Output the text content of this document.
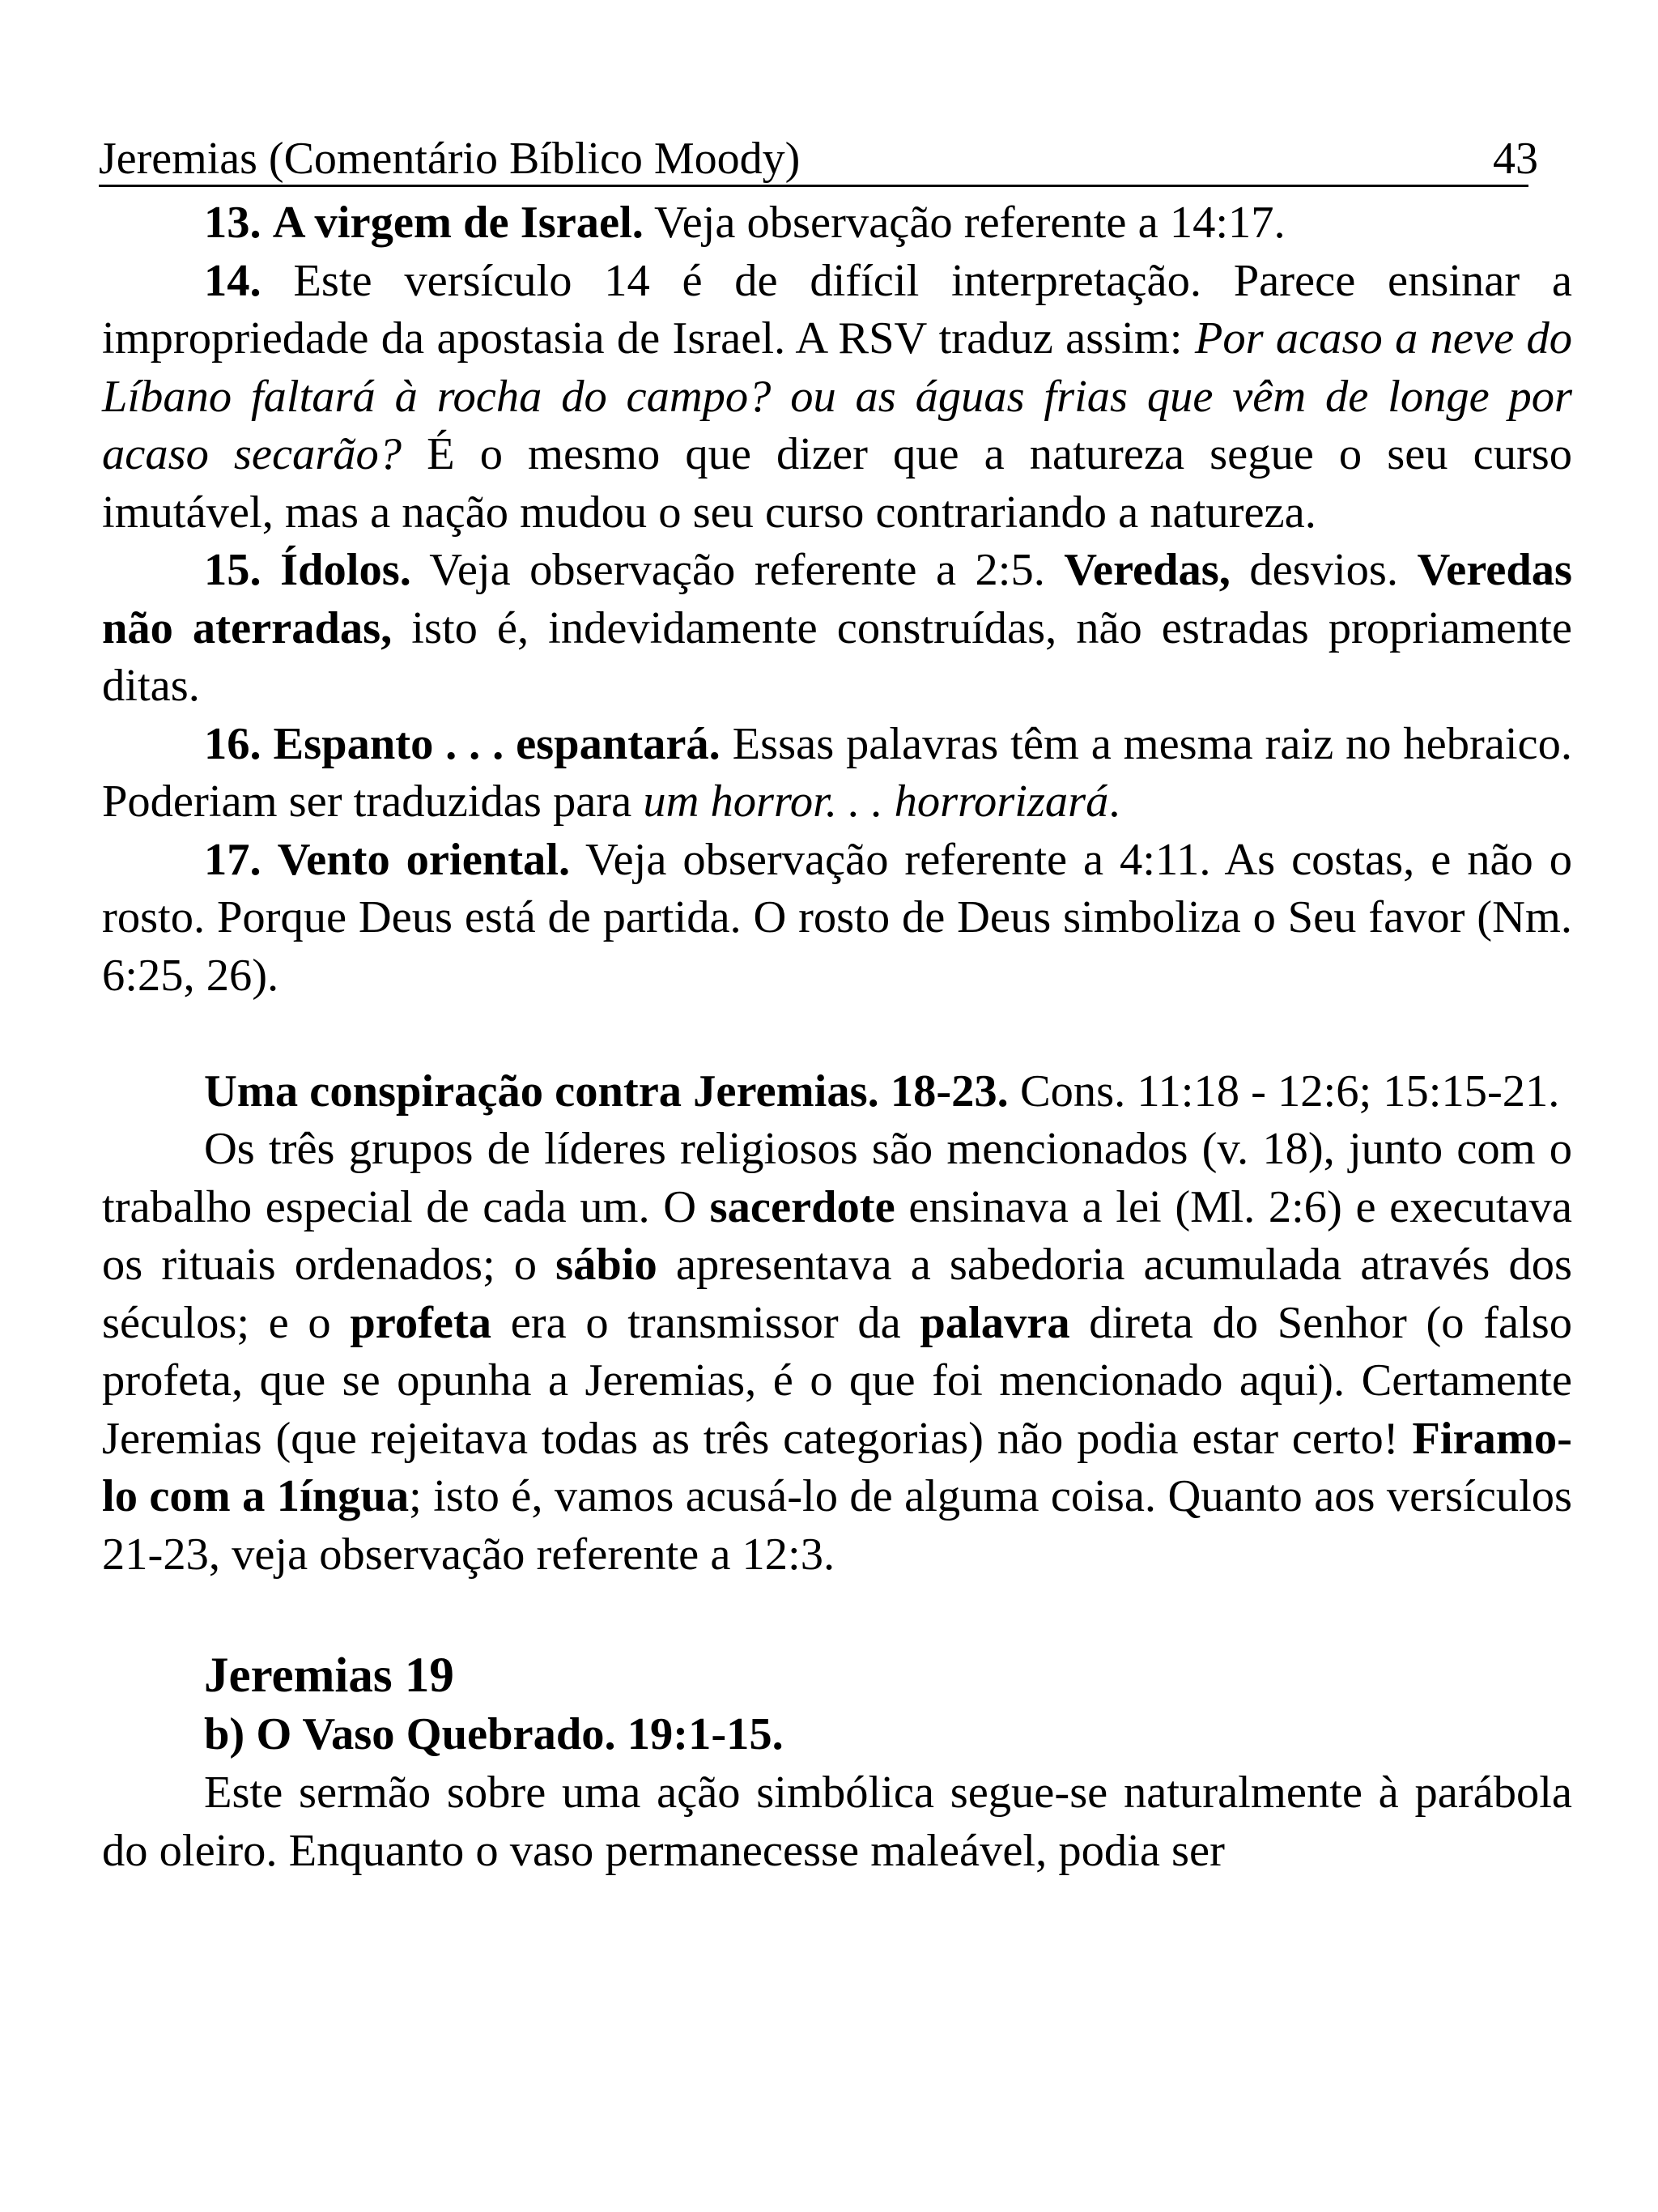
Jeremias (Comentário Bíblico Moody)	43

13. A virgem de Israel. Veja observação referente a 14:17.

14. Este versículo 14 é de difícil interpretação. Parece ensinar a impropriedade da apostasia de Israel. A RSV traduz assim: Por acaso a neve do Líbano faltará à rocha do campo? ou as águas frias que vêm de longe por acaso secarão? É o mesmo que dizer que a natureza segue o seu curso imutável, mas a nação mudou o seu curso contrariando a natureza.

15. Ídolos. Veja observação referente a 2:5. Veredas, desvios. Veredas não aterradas, isto é, indevidamente construídas, não estradas propriamente ditas.

16. Espanto . . . espantará. Essas palavras têm a mesma raiz no hebraico. Poderiam ser traduzidas para um horror. . . horrorizará.

17. Vento oriental. Veja observação referente a 4:11. As costas, e não o rosto. Porque Deus está de partida. O rosto de Deus simboliza o Seu favor (Nm. 6:25, 26).

Uma conspiração contra Jeremias. 18-23. Cons. 11:18 - 12:6; 15:15-21.

Os três grupos de líderes religiosos são mencionados (v. 18), junto com o trabalho especial de cada um. O sacerdote ensinava a lei (Ml. 2:6) e executava os rituais ordenados; o sábio apresentava a sabedoria acumulada através dos séculos; e o profeta era o transmissor da palavra direta do Senhor (o falso profeta, que se opunha a Jeremias, é o que foi mencionado aqui). Certamente Jeremias (que rejeitava todas as três categorias) não podia estar certo! Firamo-lo com a 1íngua; isto é, vamos acusá-lo de alguma coisa. Quanto aos versículos 21-23, veja observação referente a 12:3.

Jeremias 19
b) O Vaso Quebrado. 19:1-15.

Este sermão sobre uma ação simbólica segue-se naturalmente à parábola do oleiro. Enquanto o vaso permanecesse maleável, podia ser
